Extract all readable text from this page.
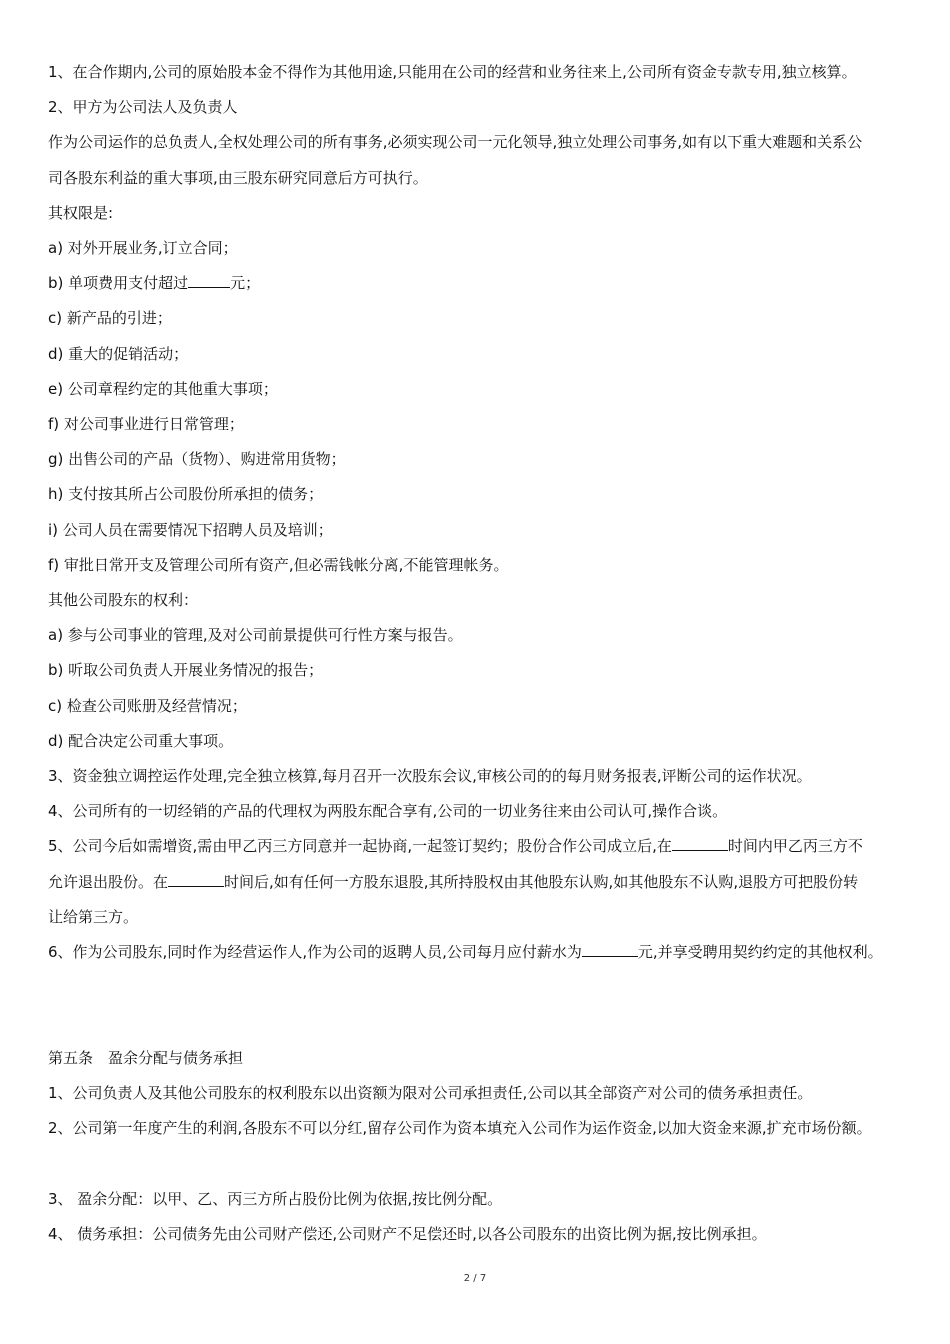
1、在合作期内,公司的原始股本金不得作为其他用途,只能用在公司的经营和业务往来上,公司所有资金专款专用,独立核算。
2、甲方为公司法人及负责人
作为公司运作的总负责人,全权处理公司的所有事务,必须实现公司一元化领导,独立处理公司事务,如有以下重大难题和关系公
司各股东利益的重大事项,由三股东研究同意后方可执行。
其权限是:
a) 对外开展业务,订立合同；
b) 单项费用支付超过	元；
c) 新产品的引进；
d) 重大的促销活动；
e) 公司章程约定的其他重大事项；
f) 对公司事业进行日常管理；
g) 出售公司的产品（货物）、购进常用货物；
h) 支付按其所占公司股份所承担的债务；
i) 公司人员在需要情况下招聘人员及培训；
f) 审批日常开支及管理公司所有资产,但必需钱帐分离,不能管理帐务。
其他公司股东的权利：
a) 参与公司事业的管理,及对公司前景提供可行性方案与报告。
b) 听取公司负责人开展业务情况的报告；
c) 检查公司账册及经营情况；
d) 配合决定公司重大事项。
3、资金独立调控运作处理,完全独立核算,每月召开一次股东会议,审核公司的的每月财务报表,评断公司的运作状况。
4、公司所有的一切经销的产品的代理权为两股东配合享有,公司的一切业务往来由公司认可,操作合谈。
5、公司今后如需增资,需由甲乙丙三方同意并一起协商,一起签订契约；股份合作公司成立后,在	时间内甲乙丙三方不
允许退出股份。在	时间后,如有任何一方股东退股,其所持股权由其他股东认购,如其他股东不认购,退股方可把股份转
让给第三方。
6、作为公司股东,同时作为经营运作人,作为公司的返聘人员,公司每月应付薪水为	元,并享受聘用契约约定的其他权利。
第五条　盈余分配与债务承担
1、公司负责人及其他公司股东的权利股东以出资额为限对公司承担责任,公司以其全部资产对公司的债务承担责任。
2、公司第一年度产生的利润,各股东不可以分红,留存公司作为资本填充入公司作为运作资金,以加大资金来源,扩充市场份额。
3、 盈余分配：以甲、乙、丙三方所占股份比例为依据,按比例分配。
4、 债务承担：公司债务先由公司财产偿还,公司财产不足偿还时,以各公司股东的出资比例为据,按比例承担。
2 / 7
